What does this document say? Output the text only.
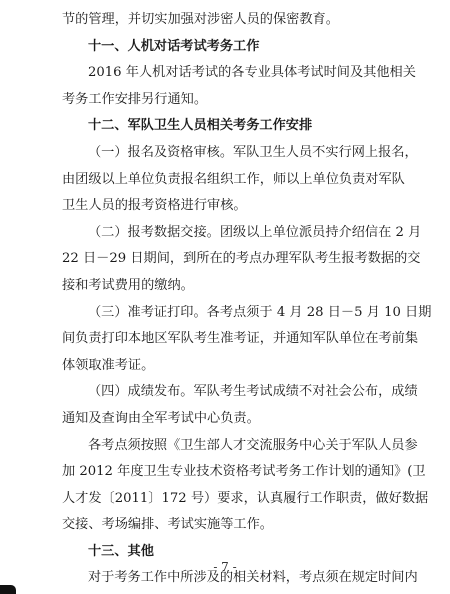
节的管理，并切实加强对涉密人员的保密教育。
十一、人机对话考试考务工作
2016 年人机对话考试的各专业具体考试时间及其他相关
考务工作安排另行通知。
十二、军队卫生人员相关考务工作安排
（一）报名及资格审核。军队卫生人员不实行网上报名，
由团级以上单位负责报名组织工作，师以上单位负责对军队
卫生人员的报考资格进行审核。
（二）报考数据交接。团级以上单位派员持介绍信在 2 月
22 日－29 日期间，到所在的考点办理军队考生报考数据的交
接和考试费用的缴纳。
（三）准考证打印。各考点须于 4 月 28 日－5 月 10 日期
间负责打印本地区军队考生准考证，并通知军队单位在考前集
体领取准考证。
（四）成绩发布。军队考生考试成绩不对社会公布，成绩
通知及查询由全军考试中心负责。
各考点须按照《卫生部人才交流服务中心关于军队人员参
加 2012 年度卫生专业技术资格考试考务工作计划的通知》(卫
人才发〔2011〕172 号）要求，认真履行工作职责，做好数据
交接、考场编排、考试实施等工作。
十三、其他
对于考务工作中所涉及的相关材料，考点须在规定时间内
- 7 -
